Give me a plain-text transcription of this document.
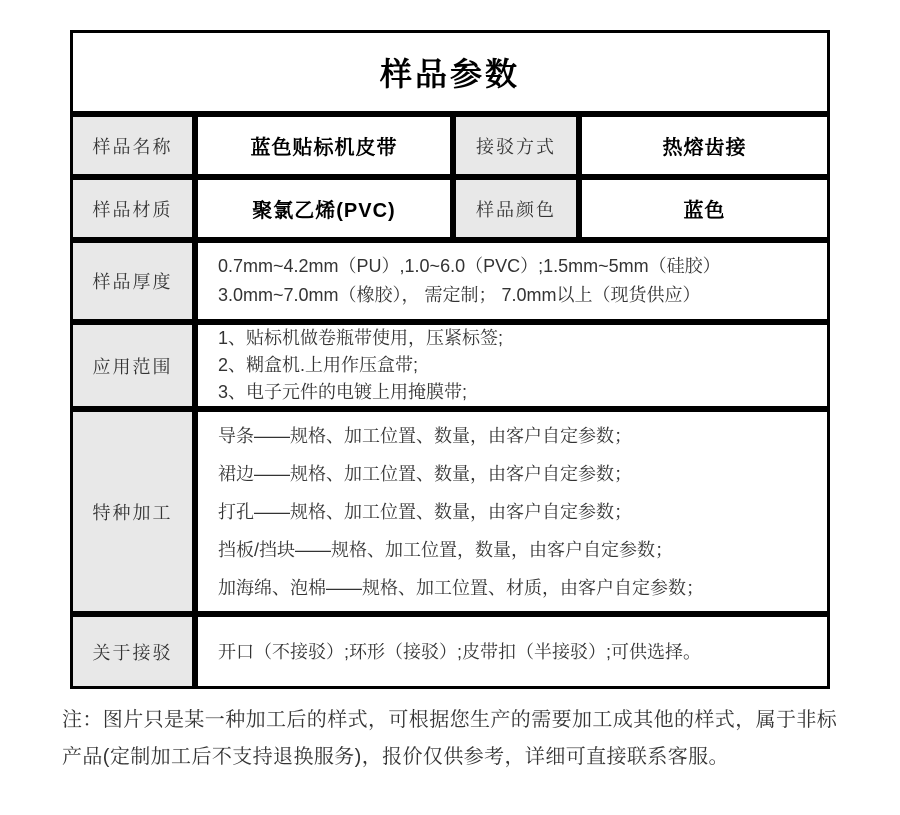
样品参数			
样品名称	蓝色贴标机皮带	接驳方式	热熔齿接
样品材质	聚氯乙烯(PVC)	样品颜色	蓝色
样品厚度	0.7mm~4.2mm（PU）,1.0~6.0（PVC）;1.5mm~5mm（硅胶）
3.0mm~7.0mm（橡胶）， 需定制； 7.0mm以上（现货供应）		

应用范围	1、贴标机做卷瓶带使用，压紧标签;
2、糊盒机.上用作压盒带;
3、电子元件的电镀上用掩膜带;		

特种加工	导条——规格、加工位置、数量，由客户自定参数；
裙边——规格、加工位置、数量，由客户自定参数；
打孔——规格、加工位置、数量，由客户自定参数；
挡板/挡块——规格、加工位置，数量，由客户自定参数；
加海绵、泡棉——规格、加工位置、材质，由客户自定参数；		

关于接驳	开口（不接驳）;环形（接驳）;皮带扣（半接驳）;可供选择。		
注：图片只是某一种加工后的样式，可根据您生产的需要加工成其他的样式，属于非标
产品(定制加工后不支持退换服务)，报价仅供参考，详细可直接联系客服。
